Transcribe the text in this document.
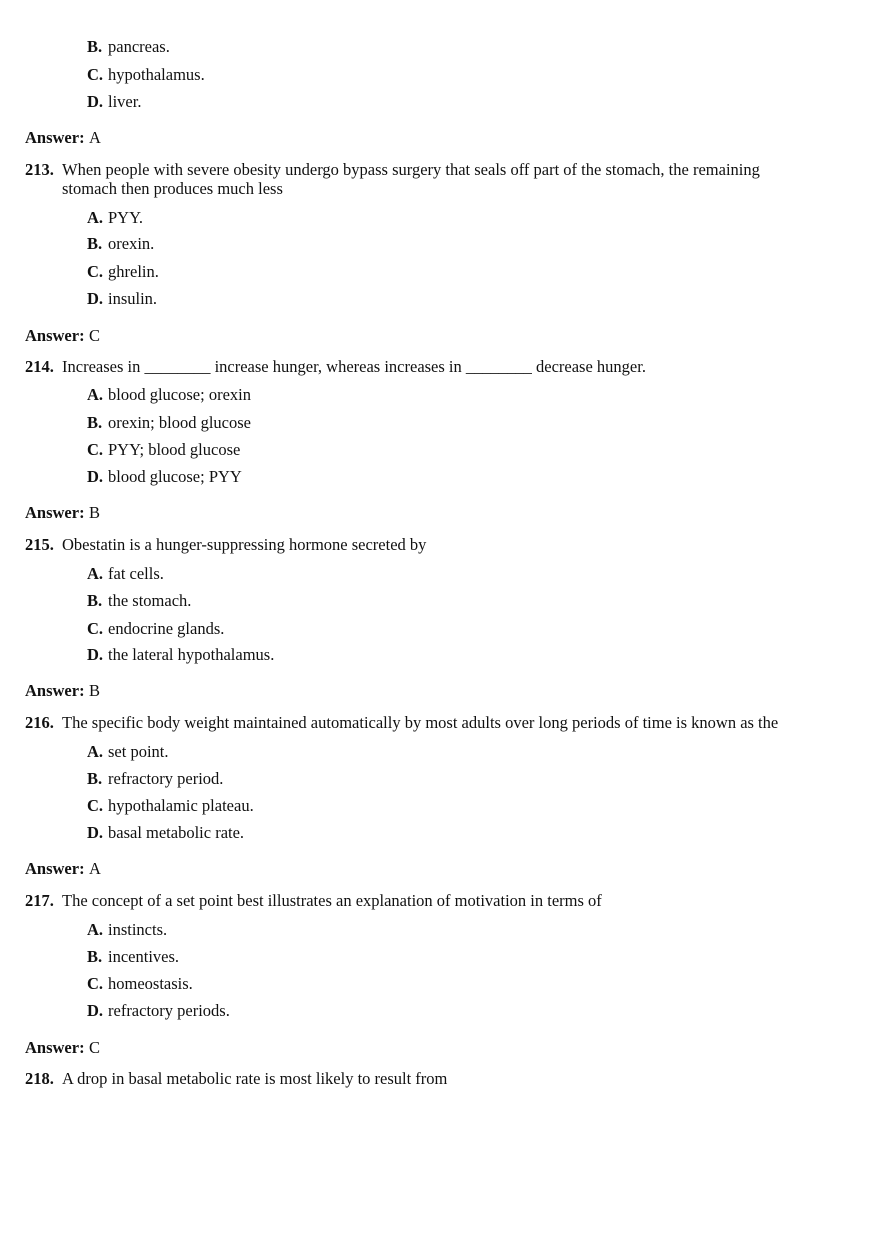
B. pancreas.
C. hypothalamus.
D. liver.
Answer: A
213. When people with severe obesity undergo bypass surgery that seals off part of the stomach, the remaining
stomach then produces much less
A. PYY.
B. orexin.
C. ghrelin.
D. insulin.
Answer: C
214. Increases in ________ increase hunger, whereas increases in ________ decrease hunger.
A. blood glucose; orexin
B. orexin; blood glucose
C. PYY; blood glucose
D. blood glucose; PYY
Answer: B
215. Obestatin is a hunger-suppressing hormone secreted by
A. fat cells.
B. the stomach.
C. endocrine glands.
D. the lateral hypothalamus.
Answer: B
216. The specific body weight maintained automatically by most adults over long periods of time is known as the
A. set point.
B. refractory period.
C. hypothalamic plateau.
D. basal metabolic rate.
Answer: A
217. The concept of a set point best illustrates an explanation of motivation in terms of
A. instincts.
B. incentives.
C. homeostasis.
D. refractory periods.
Answer: C
218. A drop in basal metabolic rate is most likely to result from
